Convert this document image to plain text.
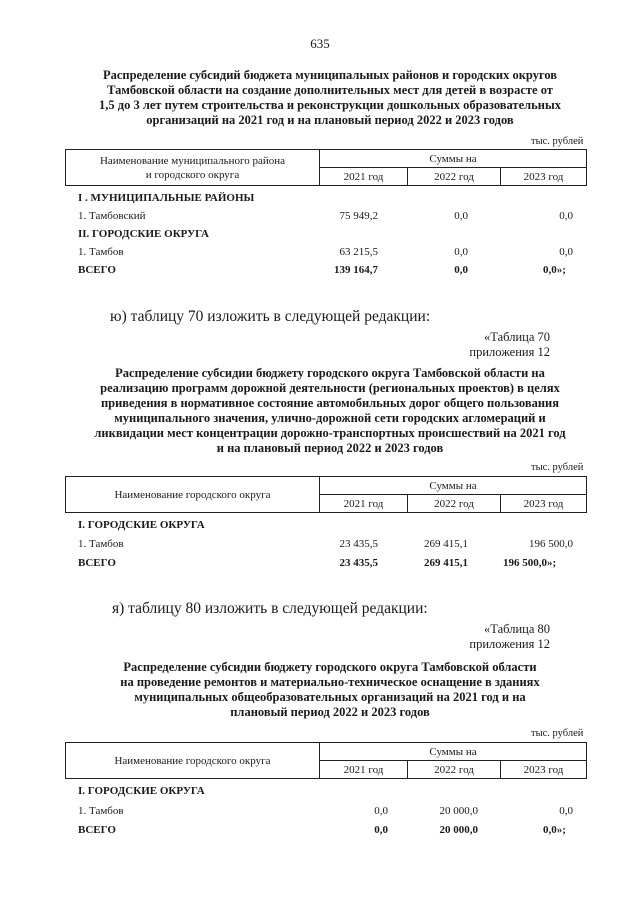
635
Распределение субсидий бюджета муниципальных районов и городских округов
Тамбовской области на создание дополнительных мест для детей в возрасте от
1,5 до 3 лет путем строительства и реконструкции дошкольных образовательных
организаций на 2021 год и на плановый период 2022 и 2023 годов
тыс. рублей
Наименование муниципального района
и городского округа	Суммы на		
	2021 год	2022 год	2023 год
I . МУНИЦИПАЛЬНЫЕ РАЙОНЫ
1. Тамбовский	75 949,2	0,0	0,0
II. ГОРОДСКИЕ ОКРУГА
1. Тамбов	63 215,5	0,0	0,0
ВСЕГО	139 164,7	0,0	0,0»;
ю) таблицу 70 изложить в следующей редакции:
«Таблица 70
приложения 12
Распределение субсидии бюджету городского округа Тамбовской области на
реализацию программ дорожной деятельности (региональных проектов) в целях
приведения в нормативное состояние автомобильных дорог общего пользования
муниципального значения, улично-дорожной сети городских агломераций и
ликвидации мест концентрации дорожно-транспортных происшествий на 2021 год
и на плановый период 2022 и 2023 годов
тыс. рублей
Наименование городского округа	Суммы на		
	2021 год	2022 год	2023 год
I. ГОРОДСКИЕ ОКРУГА
1. Тамбов	23 435,5	269 415,1	196 500,0
ВСЕГО	23 435,5	269 415,1	196 500,0»;
я) таблицу 80 изложить в следующей редакции:
«Таблица 80
приложения 12
Распределение субсидии бюджету городского округа Тамбовской области
на проведение ремонтов и материально-техническое оснащение в зданиях
муниципальных общеобразовательных организаций на 2021 год и на
плановый период 2022 и 2023 годов
тыс. рублей
Наименование городского округа	Суммы на		
	2021 год	2022 год	2023 год
I. ГОРОДСКИЕ ОКРУГА
1. Тамбов	0,0	20 000,0	0,0
ВСЕГО	0,0	20 000,0	0,0»;
